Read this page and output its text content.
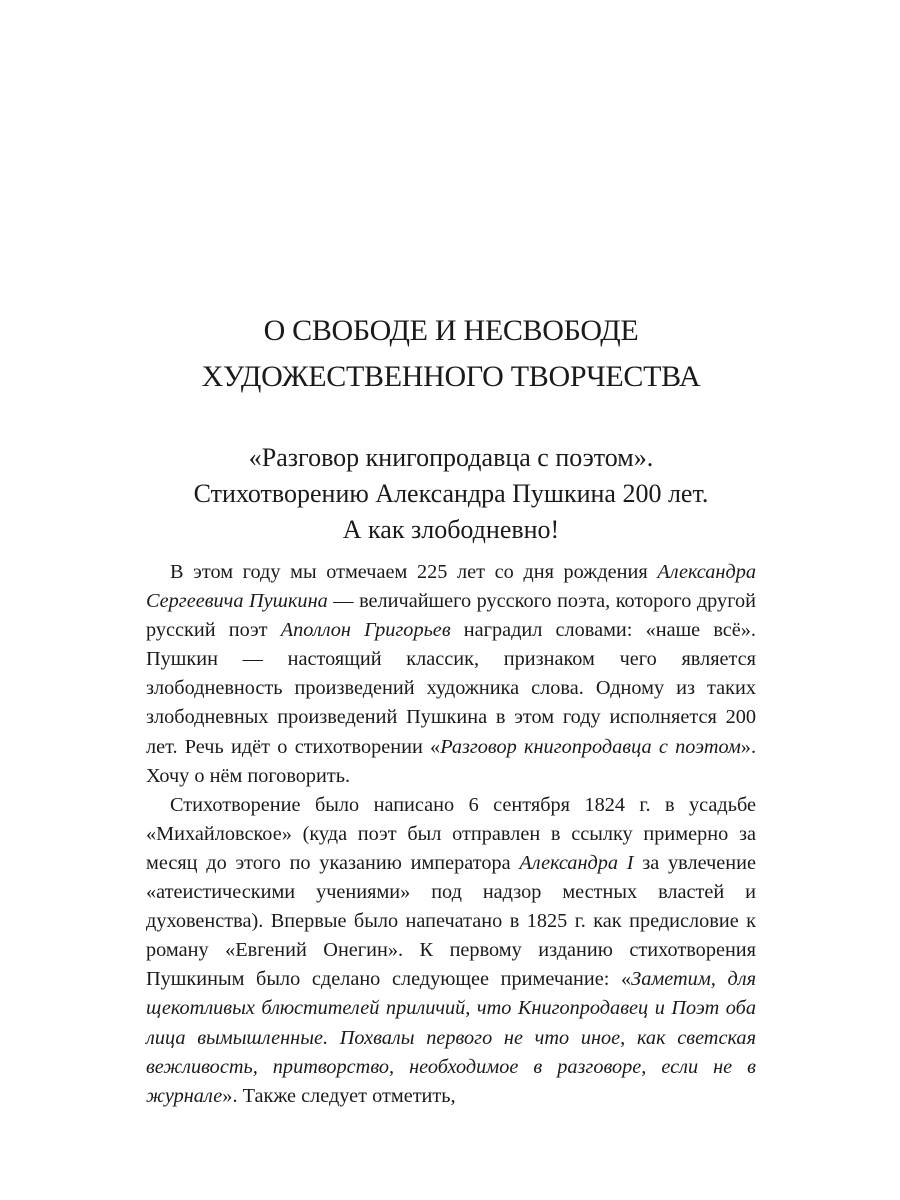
О СВОБОДЕ И НЕСВОБОДЕ
ХУДОЖЕСТВЕННОГО ТВОРЧЕСТВА
«Разговор книгопродавца с поэтом».
Стихотворению Александра Пушкина 200 лет.
А как злободневно!

В этом году мы отмечаем 225 лет со дня рождения Александра Сергеевича Пушкина — величайшего русского поэта, которого другой русский поэт Аполлон Григорьев наградил словами: «наше всё». Пушкин — настоящий классик, признаком чего является злободневность произведений художника слова. Одному из таких злободневных произведений Пушкина в этом году исполняется 200 лет. Речь идёт о стихотворении «Разговор книгопродавца с поэтом». Хочу о нём поговорить.

Стихотворение было написано 6 сентября 1824 г. в усадьбе «Михайловское» (куда поэт был отправлен в ссылку примерно за месяц до этого по указанию императора Александра I за увлечение «атеистическими учениями» под надзор местных властей и духовенства). Впервые было напечатано в 1825 г. как предисловие к роману «Евгений Онегин». К первому изданию стихотворения Пушкиным было сделано следующее примечание: «Заметим, для щекотливых блюстителей приличий, что Книгопродавец и Поэт оба лица вымышленные. Похвалы первого не что иное, как светская вежливость, притворство, необходимое в разговоре, если не в журнале». Также следует отметить,
